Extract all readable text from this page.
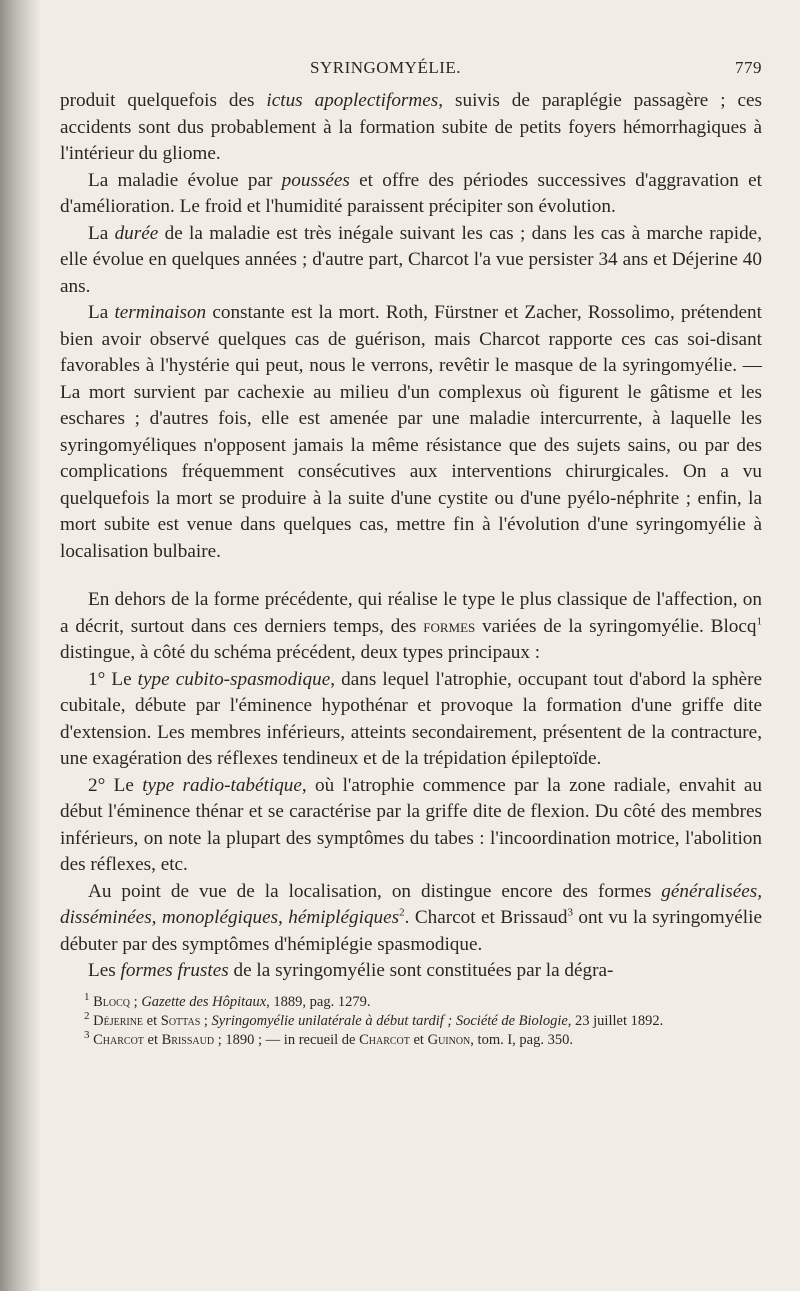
SYRINGOMYÉLIE.	779

produit quelquefois des ictus apoplectiformes, suivis de paraplégie passagère ; ces accidents sont dus probablement à la formation subite de petits foyers hémorrhagiques à l'intérieur du gliome.

La maladie évolue par poussées et offre des périodes successives d'aggravation et d'amélioration. Le froid et l'humidité paraissent précipiter son évolution.

La durée de la maladie est très inégale suivant les cas ; dans les cas à marche rapide, elle évolue en quelques années ; d'autre part, Charcot l'a vue persister 34 ans et Déjerine 40 ans.

La terminaison constante est la mort. Roth, Fürstner et Zacher, Rossolimo, prétendent bien avoir observé quelques cas de guérison, mais Charcot rapporte ces cas soi-disant favorables à l'hystérie qui peut, nous le verrons, revêtir le masque de la syringomyélie. — La mort survient par cachexie au milieu d'un complexus où figurent le gâtisme et les eschares ; d'autres fois, elle est amenée par une maladie intercurrente, à laquelle les syringomyéliques n'opposent jamais la même résistance que des sujets sains, ou par des complications fréquemment consécutives aux interventions chirurgicales. On a vu quelquefois la mort se produire à la suite d'une cystite ou d'une pyélo-néphrite ; enfin, la mort subite est venue dans quelques cas, mettre fin à l'évolution d'une syringomyélie à localisation bulbaire.

En dehors de la forme précédente, qui réalise le type le plus classique de l'affection, on a décrit, surtout dans ces derniers temps, des formes variées de la syringomyélie. Blocq$^1$ distingue, à côté du schéma précédent, deux types principaux :

1° Le type cubito-spasmodique, dans lequel l'atrophie, occupant tout d'abord la sphère cubitale, débute par l'éminence hypothénar et provoque la formation d'une griffe dite d'extension. Les membres inférieurs, atteints secondairement, présentent de la contracture, une exagération des réflexes tendineux et de la trépidation épileptoïde.

2° Le type radio-tabétique, où l'atrophie commence par la zone radiale, envahit au début l'éminence thénar et se caractérise par la griffe dite de flexion. Du côté des membres inférieurs, on note la plupart des symptômes du tabes : l'incoordination motrice, l'abolition des réflexes, etc.

Au point de vue de la localisation, on distingue encore des formes généralisées, disséminées, monoplégiques, hémiplégiques$^2$. Charcot et Brissaud$^3$ ont vu la syringomyélie débuter par des symptômes d'hémiplégie spasmodique.

Les formes frustes de la syringomyélie sont constituées par la dégra-

$^1$ Blocq ; Gazette des Hôpitaux, 1889, pag. 1279.

$^2$ Déjerine et Sottas ; Syringomyélie unilatérale à début tardif ; Société de Biologie, 23 juillet 1892.

$^3$ Charcot et Brissaud ; 1890 ; — in recueil de Charcot et Guinon, tom. I, pag. 350.
